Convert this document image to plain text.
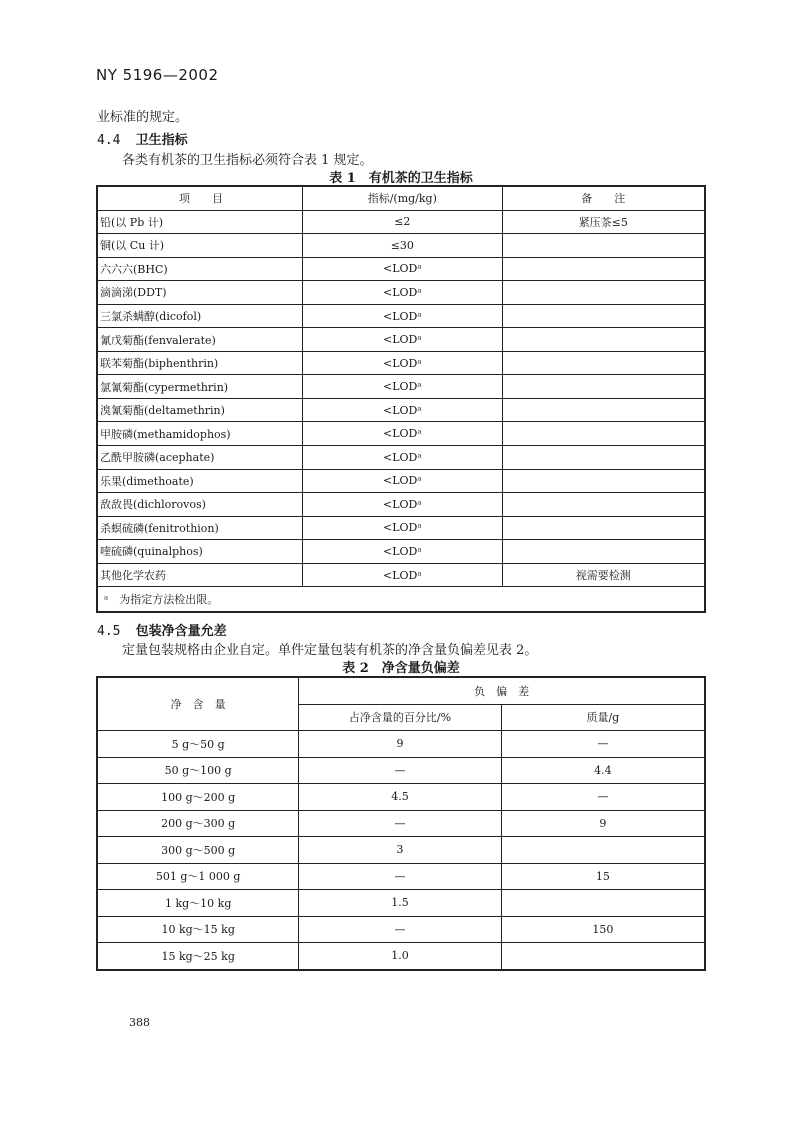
NY 5196—2002
业标准的规定。
4.4 卫生指标
各类有机茶的卫生指标必须符合表 1 规定。
表 1　有机茶的卫生指标
项　　目	指标/(mg/kg)	备　　注
铅(以 Pb 计)	≤2	紧压茶≤5
铜(以 Cu 计)	≤30	
六六六(BHC)	<LODᵃ	
滴滴涕(DDT)	<LODᵃ	
三氯杀螨醇(dicofol)	<LODᵃ	
氰戊菊酯(fenvalerate)	<LODᵃ	
联苯菊酯(biphenthrin)	<LODᵃ	
氯氰菊酯(cypermethrin)	<LODᵃ	
溴氰菊酯(deltamethrin)	<LODᵃ	
甲胺磷(methamidophos)	<LODᵃ	
乙酰甲胺磷(acephate)	<LODᵃ	
乐果(dimethoate)	<LODᵃ	
敌敌畏(dichlorovos)	<LODᵃ	
杀螟硫磷(fenitrothion)	<LODᵃ	
喹硫磷(quinalphos)	<LODᵃ	
其他化学农药	<LODᵃ	视需要检测
ᵃ　为指定方法检出限。		
4.5 包装净含量允差
定量包装规格由企业自定。单件定量包装有机茶的净含量负偏差见表 2。
表 2　净含量负偏差
净　含　量	负　偏　差	
	占净含量的百分比/%	质量/g
5 g～50 g	9	—
50 g～100 g	—	4.4
100 g～200 g	4.5	—
200 g～300 g	—	9
300 g～500 g	3	
501 g～1 000 g	—	15
1 kg～10 kg	1.5	
10 kg～15 kg	—	150
15 kg～25 kg	1.0	
388
